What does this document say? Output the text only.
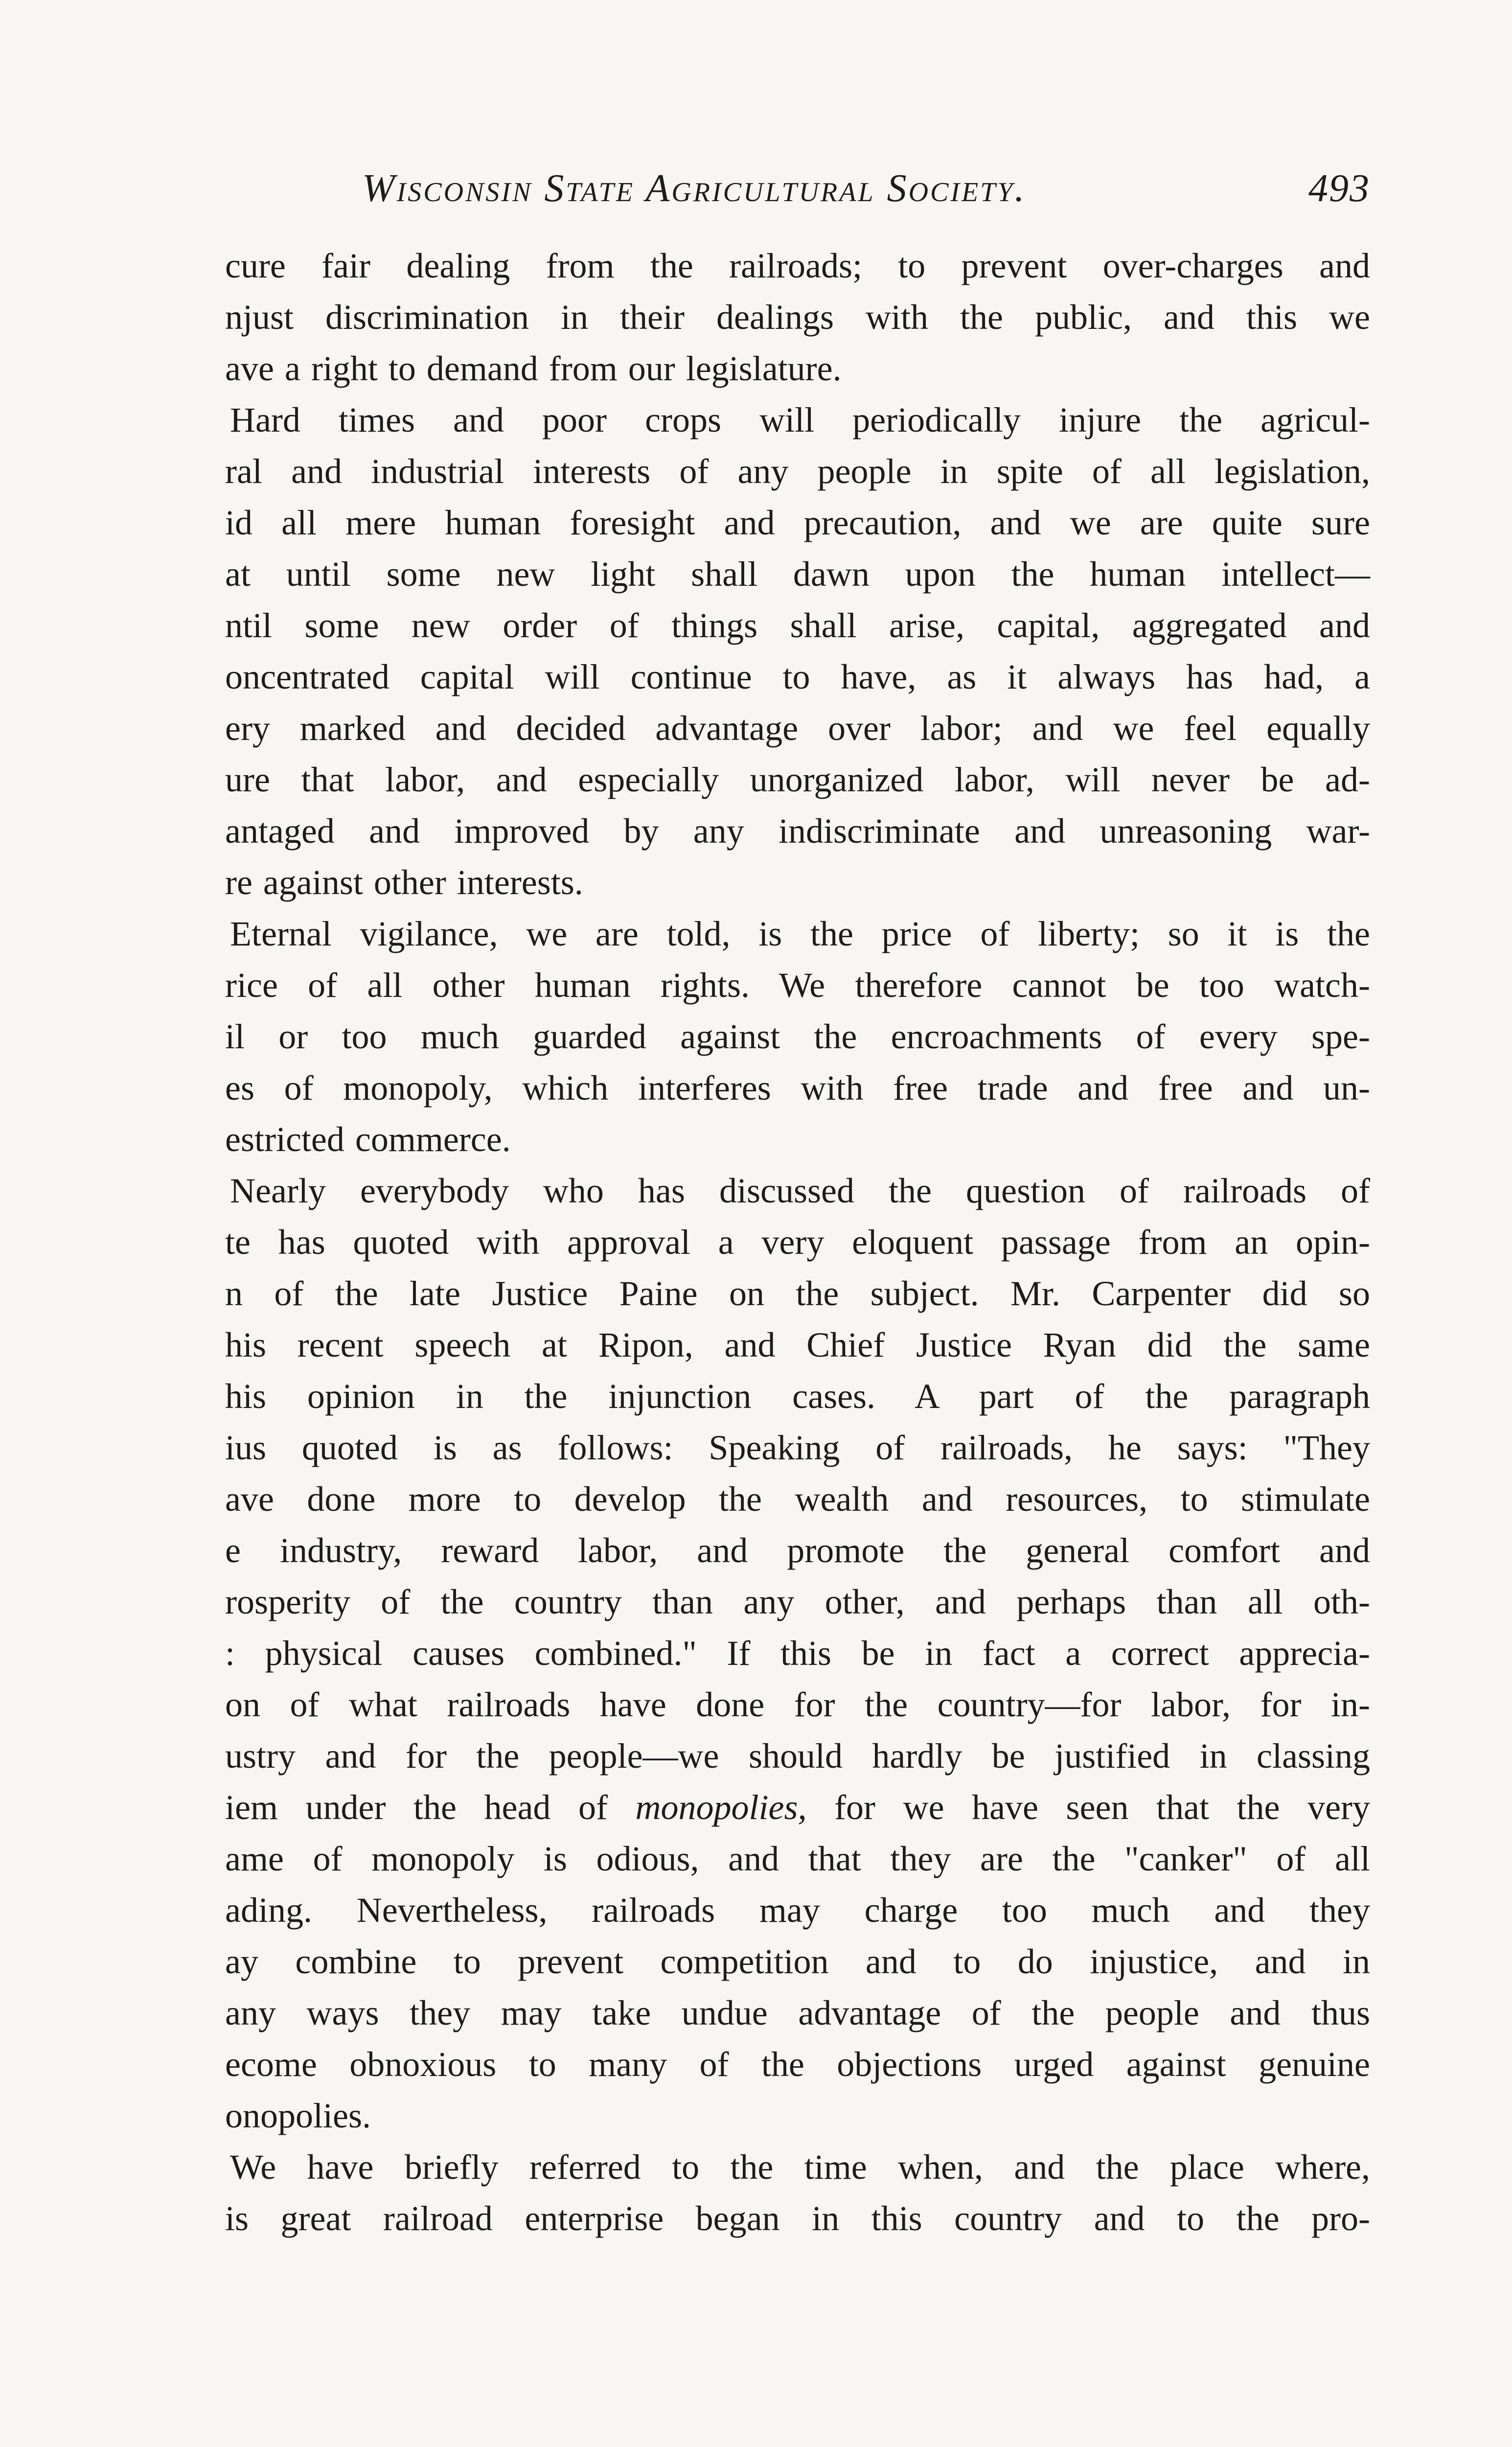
Wisconsin State Agricultural Society.	493

cure fair dealing from the railroads; to prevent over-charges and
njust discrimination in their dealings with the public, and this we
ave a right to demand from our legislature.

Hard times and poor crops will periodically injure the agricul-
ral and industrial interests of any people in spite of all legislation,
id all mere human foresight and precaution, and we are quite sure
at until some new light shall dawn upon the human intellect—
ntil some new order of things shall arise, capital, aggregated and
oncentrated capital will continue to have, as it always has had, a
ery marked and decided advantage over labor; and we feel equally
ure that labor, and especially unorganized labor, will never be ad-
antaged and improved by any indiscriminate and unreasoning war-
re against other interests.

Eternal vigilance, we are told, is the price of liberty; so it is the
rice of all other human rights. We therefore cannot be too watch-
il or too much guarded against the encroachments of every spe-
es of monopoly, which interferes with free trade and free and un-
estricted commerce.

Nearly everybody who has discussed the question of railroads of
te has quoted with approval a very eloquent passage from an opin-
n of the late Justice Paine on the subject. Mr. Carpenter did so
his recent speech at Ripon, and Chief Justice Ryan did the same
his opinion in the injunction cases. A part of the paragraph
ius quoted is as follows: Speaking of railroads, he says: "They
ave done more to develop the wealth and resources, to stimulate
e industry, reward labor, and promote the general comfort and
rosperity of the country than any other, and perhaps than all oth-
: physical causes combined." If this be in fact a correct apprecia-
on of what railroads have done for the country—for labor, for in-
ustry and for the people—we should hardly be justified in classing
iem under the head of monopolies, for we have seen that the very
ame of monopoly is odious, and that they are the "canker" of all
ading. Nevertheless, railroads may charge too much and they
ay combine to prevent competition and to do injustice, and in
any ways they may take undue advantage of the people and thus
ecome obnoxious to many of the objections urged against genuine
onopolies.

We have briefly referred to the time when, and the place where,
is great railroad enterprise began in this country and to the pro-
